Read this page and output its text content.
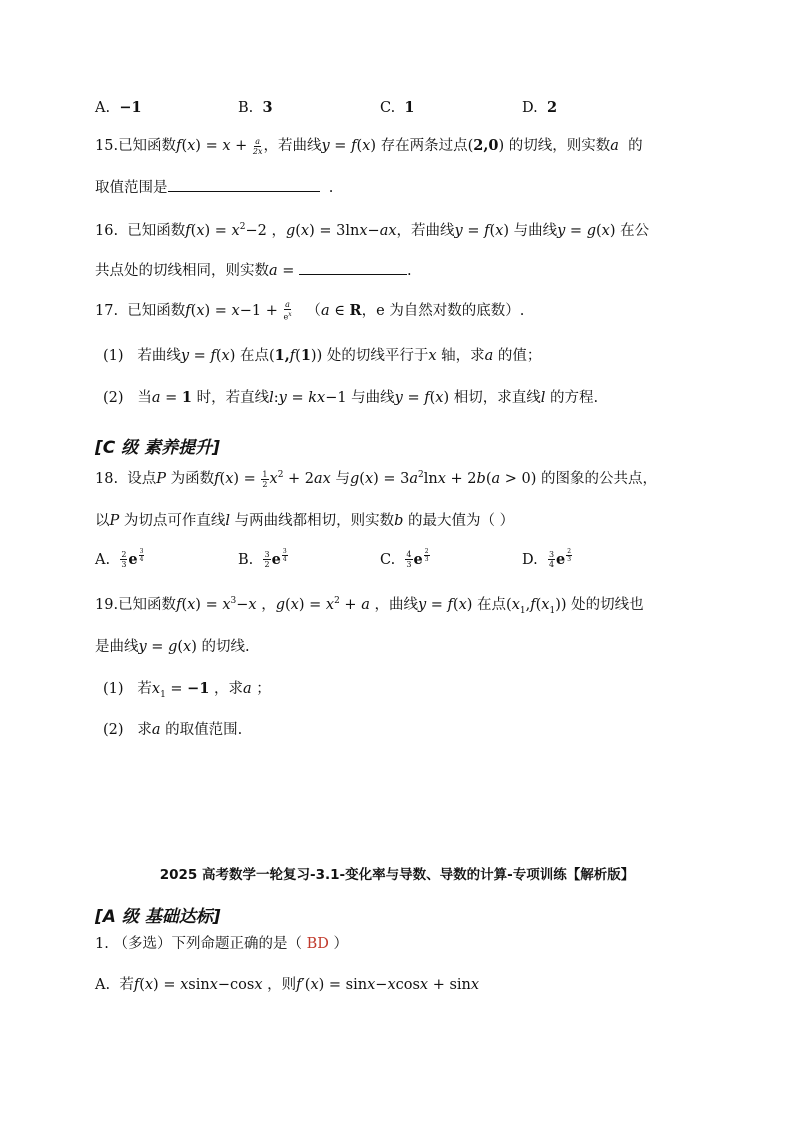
A. −1	B. 3	C. 1	D. 2
15.已知函数$f(x) = x + \frac{a}{2x}$ ，若曲线y = f(x) 存在两条过点(2,0) 的切线，则实数a 的
取值范围是	.
16. 已知函数$f(x) = x^2-2$ ，g(x) = 3lnx−ax，若曲线y = f(x) 与曲线y = g(x) 在公
共点处的切线相同，则实数a =	.
17. 已知函数$f(x) = x-1 + \frac{a}{e^x} (a$ ∈ R，e 为自然对数的底数）.
(1) 若曲线y = f(x) 在点(1,f(1)) 处的切线平行于x 轴，求a 的值；
(2) 当a = 1 时，若直线l:y = kx−1 与曲线y = f(x) 相切，求直线l 的方程.
[C 级 素养提升]
18. 设点P 为函数$f(x) = \frac{1}{2} x^2 + 2ax$ 与$g(x) = 3a^2\ln x + 2b(a > 0)$ 的图象的公共点，
以P 为切点可作直线l 与两曲线都相切，则实数b 的最大值为（ ）
A. $\frac{2}{3}$ e $^{\frac{3}{4}}$	B. $\frac{3}{2}$ e $^{\frac{3}{4}}$	C. $\frac{4}{3}$ e $^{\frac{2}{3}}$	D. $\frac{3}{4}$ e $^{\frac{2}{3}}$
19.已知函数$f(x) = x^3-x$ ，$g(x) = x^2 + a$ ，曲线y = f(x) 在点$(x_1,f(x_1))$ 处的切线也
是曲线y = g(x) 的切线.
(1) 若$x_1 = -1$ ，求a ；
(2) 求a 的取值范围.
2025 高考数学一轮复习-3.1-变化率与导数、导数的计算-专项训练【解析版】
[A 级 基础达标]
1. （多选）下列命题正确的是（ BD ）
A. 若f(x) = xsinx−cosx ，则f′(x) = sinx−xcosx + sinx
